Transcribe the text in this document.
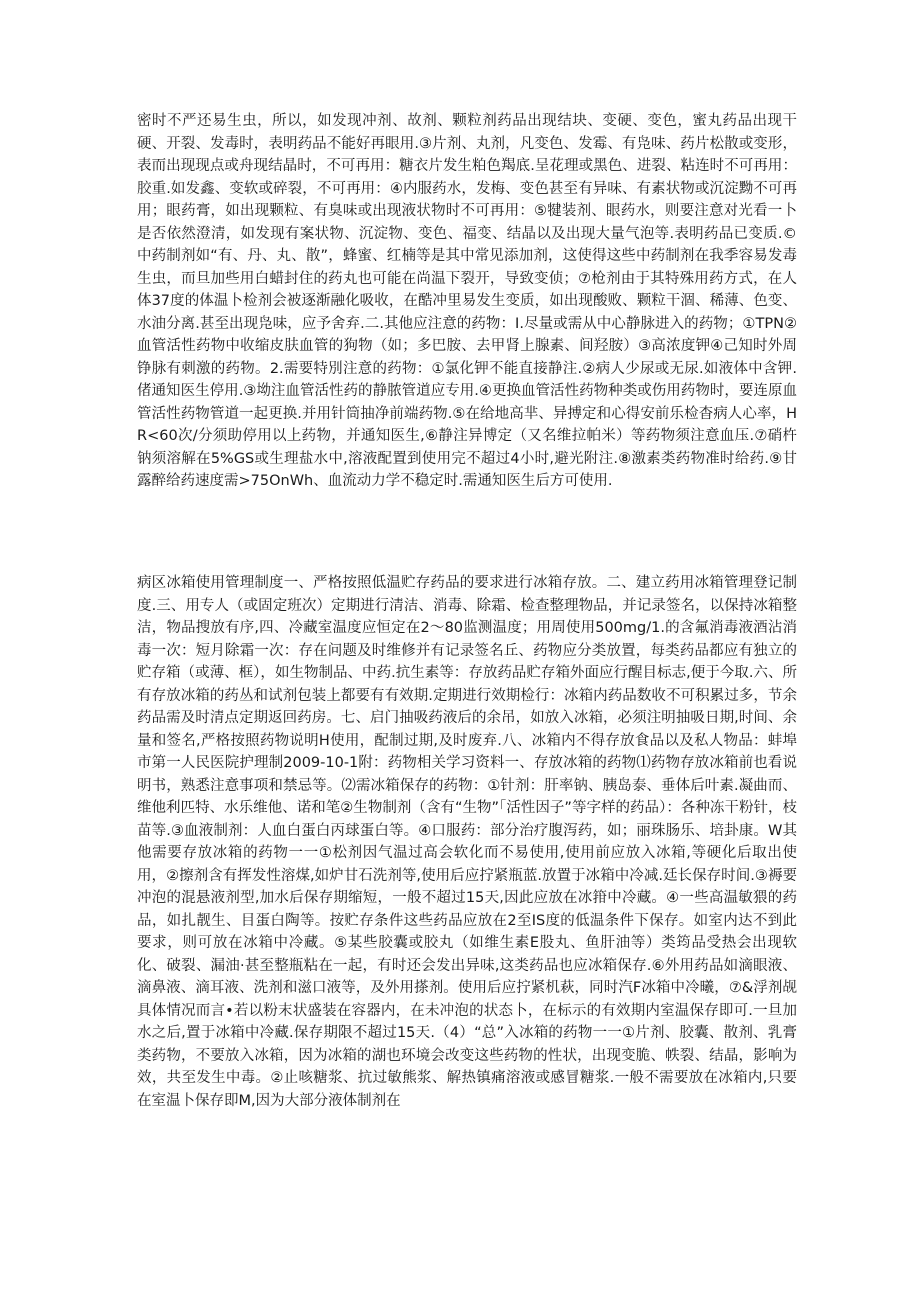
密时不严还易生虫，所以，如发现冲剂、故剂、颗粒剂药品出现结块、变硬、变色，蜜丸药品出现干硬、开裂、发毒时，表明药品不能好再眼用.③片剂、丸剂，凡变色、发霉、有凫味、药片松散或变形，表而出现现点或舟现结晶时，不可再用：糖衣片发生粕色羯底.呈花理或黑色、进裂、粘连时不可再用：胶重.如发鑫、变软或碎裂，不可再用：④内服药水，发梅、变色甚至有异味、有素状物或沉淀黝不可再用；眼药膏，如出现颗粒、有臭味或出现液状物时不可再用：⑤犍装剂、眼药水，则要注意对光看一卜是否依然澄清，如发现有案状物、沉淀物、变色、福变、结晶以及出现大量气泡等.表明药品已变质.©中药制剂如“有、丹、丸、散”，蜂蜜、红楠等是其中常见添加剂，这使得这些中药制剂在我季容易发毒生虫，而旦加些用白蜡封住的药丸也可能在尚温下裂开，导致变侦；⑦枪剂由于其特殊用药方式，在人体37度的体温卜检剂会被逐渐融化吸收，在酷冲里易发生变质，如出现酸败、颗粒干涸、稀薄、色变、水油分离.甚至出现凫味，应予舍弃.二.其他应注意的药物：I.尽量或需从中心静脉进入的药物；①TPN②血管活性药物中收缩皮肤血管的狗物（如；多巴胺、去甲肾上腺素、间羟胺）③高浓度钾④己知时外周铮脉有刺激的药物。2.需要特別注意的药物：①氯化钾不能直接静注.②病人少尿或无尿.如液体中含钾.偖通知医生停用.③坳注血管活性药的静脓管道应专用.④更换血管活性药物种类或伤用药物时，要连原血管活性药物管道一起更换.并用针筒抽净前端药物.⑤在给地高芈、异搏定和心得安前乐检杳病人心率，HR<60次/分须助停用以上药物，并通知医生,⑥静注异博定（又名维拉帕米）等药物须注意血压.⑦硝杵钠须溶解在5%GS或生理盐水中,溶液配置到使用完不超过4小时,避光附注.⑧激素类药物准时给药.⑨甘露醉给药速度需>75OnWh、血流动力学不稳定时.需通知医生后方可使用.

病区冰箱使用管理制度一、严格按照低温贮存药品的要求进行冰箱存放。二、建立药用冰箱管理登记制度.三、用专人（或固定班次）定期进行清洁、消毒、除霜、检查整理物品，并记录签名，以保持冰箱整洁，物品搜放有序,四、冷藏室温度应恒定在2〜80监测温度；用周使用500mg/1.的含氟消毒液酒沾消毒一次：短月除霜一次：存在问题及时维修并有记录签名丘、药物应分类放置，每类药品都应有独立的贮存箱（或薄、框），如生物制品、中药.抗生素等：存放药品贮存箱外面应行醒目标志,便于今取.六、所有存放冰箱的药丛和试剂包装上都要有有效期.定期进行效期检行：冰箱内药品数收不可积累过多，节余药品需及时清点定期返回药房。七、启门抽吸药液后的余吊，如放入冰箱，必须注明抽吸日期,时间、余量和签名,严格按照药物说明H使用，配制过期,及时废弃.八、冰箱内不得存放食品以及私人物品：蚌埠市第一人民医院护理制2009-10-1附：药物相关学习资料一、存放冰箱的药物⑴药物存放冰箱前也看说明书，熟悉注意事项和禁忌等。⑵需冰箱保存的药物：①针剂：肝率钠、胰岛泰、垂体后叶素.凝曲而、维他利匹特、水乐维他、诺和笔②生物制剂（含有“生物”「活性因子”等字样的药品）：各种冻干粉针，枝苗等.③血液制剂：人血白蛋白丙球蛋白等。④口服药：部分治疗腹泻药，如；丽珠肠乐、培卦康。W其他需要存放冰箱的药物一一①松剂因气温过高会软化而不易使用,使用前应放入冰箱,等硬化后取出使用，②擦剂含有挥发性溶煤,如炉甘石洗剂等,使用后应拧紧瓶蓝.放置于冰箱中冷减.廷长保存时间.③褥要冲泡的混悬液剂型,加水后保存期缩短，一般不超过15天,因此应放在冰箝中冷藏。④一些高温敏猥的药品，如扎靓生、目蛋白陶等。按贮存条件这些药品应放在2至IS度的低温条件下保存。如室内达不到此要求，则可放在冰箱中冷藏。⑤某些胶囊或胶丸（如维生素E股丸、鱼肝油等）类筠品受热会出现软化、破裂、漏油·甚至整瓶粘在一起，有时还会发出异味,这类药品也应冰箱保存.⑥外用药品如滴眼液、滴鼻液、滴耳液、洗剂和滋口液等，及外用搽剂。使用后应拧紧机萩，同时汽F冰箱中冷曦，⑦&浮剂觇具体情况而言•若以粉末状盛装在容器内，在未冲泡的状态卜，在标示的有效期内室温保存即可.一旦加水之后,置于冰箱中冷藏.保存期限不超过15天.（4）“总”入冰箱的药物一一①片剂、胶囊、散剂、乳膏类药物，不要放入冰箱，因为冰箱的湖也环境会改变这些药物的性状，出现变脆、帙裂、结晶，影响为效，共至发生中毒。②止咳糖浆、抗过敏熊浆、解热镇痛溶液或感冒糖浆.一般不需要放在冰箱内,只要在室温卜保存即M,因为大部分液体制剂在
